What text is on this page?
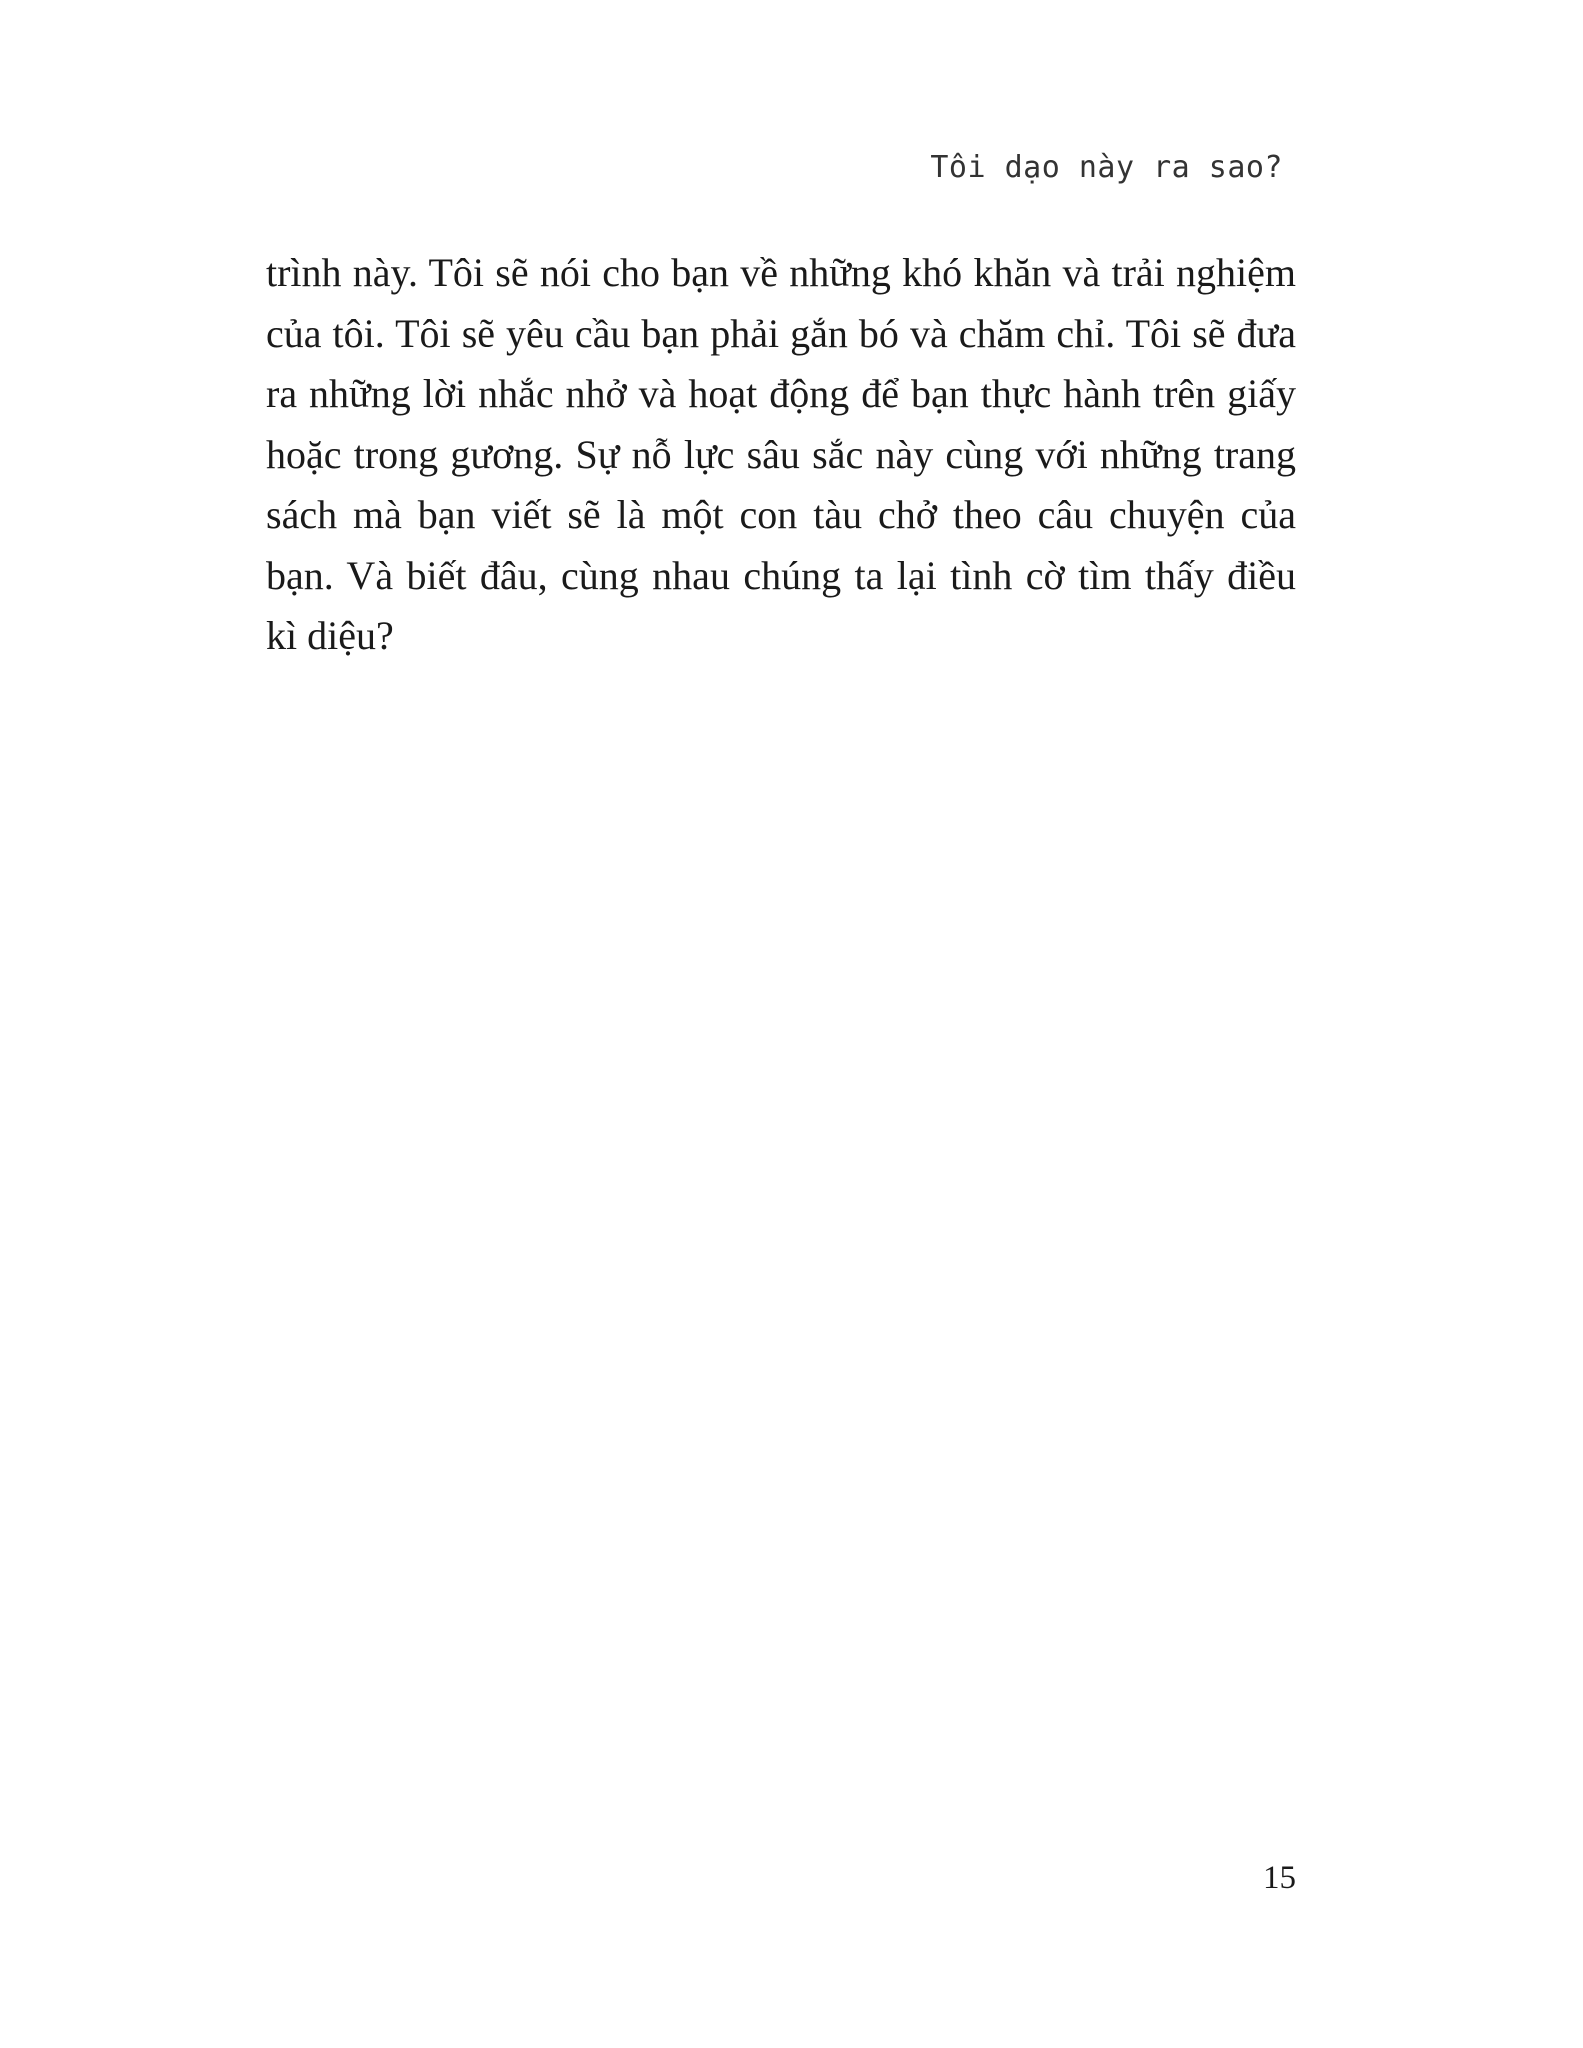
Tôi dạo này ra sao?
trình này. Tôi sẽ nói cho bạn về những khó khăn và trải nghiệm
của tôi. Tôi sẽ yêu cầu bạn phải gắn bó và chăm chỉ. Tôi sẽ đưa
ra những lời nhắc nhở và hoạt động để bạn thực hành trên giấy
hoặc trong gương. Sự nỗ lực sâu sắc này cùng với những trang
sách mà bạn viết sẽ là một con tàu chở theo câu chuyện của
bạn. Và biết đâu, cùng nhau chúng ta lại tình cờ tìm thấy điều
kì diệu?
15
